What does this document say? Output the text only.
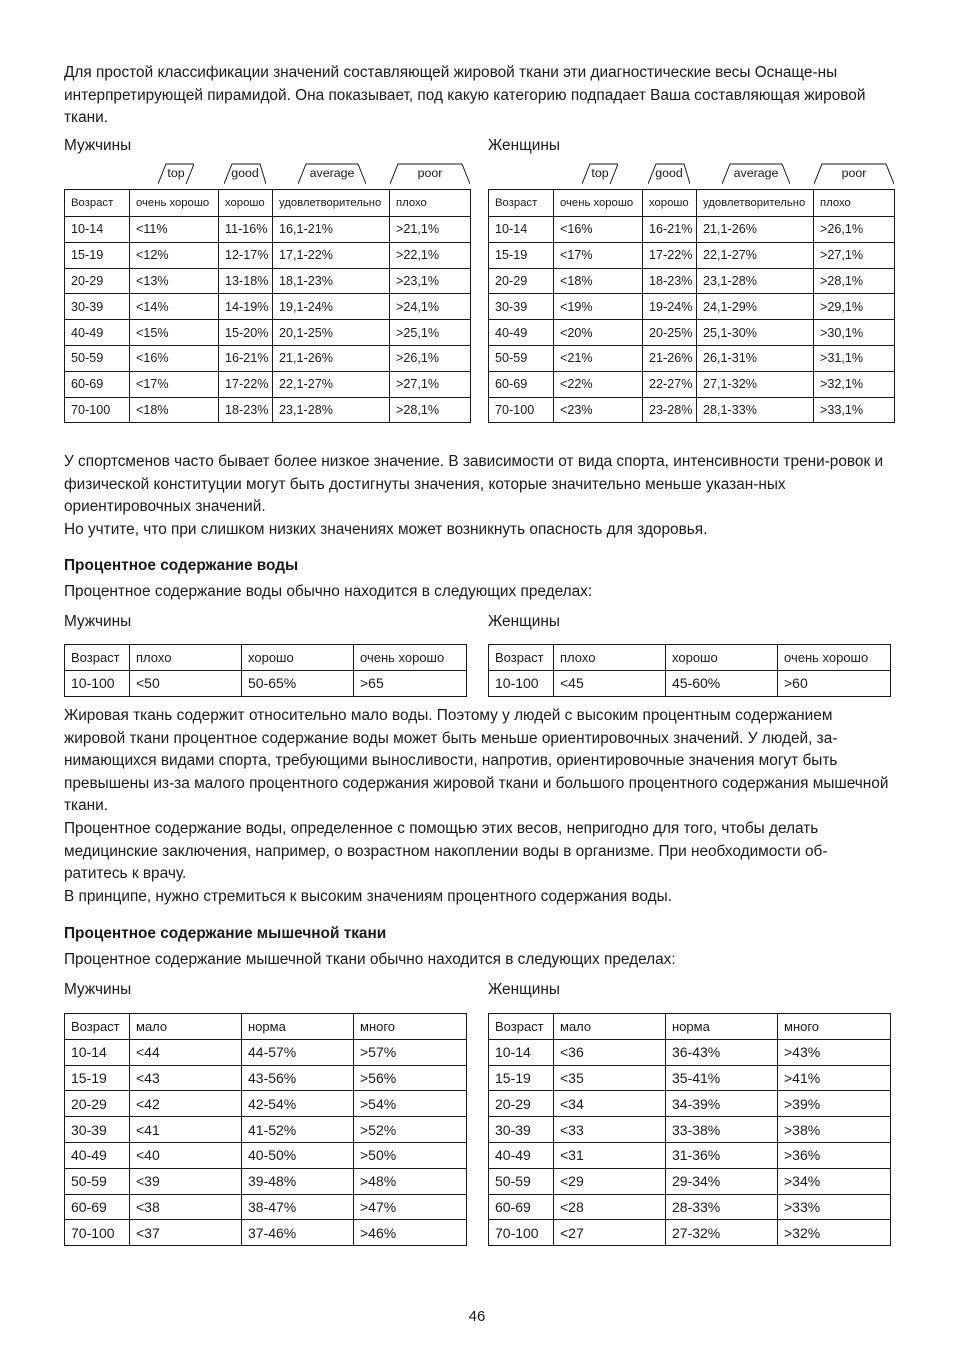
Для простой классификации значений составляющей жировой ткани эти диагностические весы Оснаще-ны интерпретирующей пирамидой. Она показывает, под какую категорию подпадает Ваша составляющая жировой ткани.

Мужчины	Женщины
top	good	average	poor	top	good	average	poor
Возраст	очень хорошо	хорошо	удовлетворительно	плохо
10-14	<11%	11-16%	16,1-21%	>21,1%
15-19	<12%	12-17%	17,1-22%	>22,1%
20-29	<13%	13-18%	18,1-23%	>23,1%
30-39	<14%	14-19%	19,1-24%	>24,1%
40-49	<15%	15-20%	20,1-25%	>25,1%
50-59	<16%	16-21%	21,1-26%	>26,1%
60-69	<17%	17-22%	22,1-27%	>27,1%
70-100	<18%	18-23%	23,1-28%	>28,1%
Возраст	очень хорошо	хорошо	удовлетворительно	плохо
10-14	<16%	16-21%	21,1-26%	>26,1%
15-19	<17%	17-22%	22,1-27%	>27,1%
20-29	<18%	18-23%	23,1-28%	>28,1%
30-39	<19%	19-24%	24,1-29%	>29,1%
40-49	<20%	20-25%	25,1-30%	>30,1%
50-59	<21%	21-26%	26,1-31%	>31,1%
60-69	<22%	22-27%	27,1-32%	>32,1%
70-100	<23%	23-28%	28,1-33%	>33,1%

У спортсменов часто бывает более низкое значение. В зависимости от вида спорта, интенсивности трени-ровок и физической конституции могут быть достигнуты значения, которые значительно меньше указан-ных ориентировочных значений.

Но учтите, что при слишком низких значениях может возникнуть опасность для здоровья.

Процентное содержание воды

Процентное содержание воды обычно находится в следующих пределах:

Мужчины	Женщины
Возраст	плохо	хорошо	очень хорошо
10-100	<50	50-65%	>65
Возраст	плохо	хорошо	очень хорошо
10-100	<45	45-60%	>60

Жировая ткань содержит относительно мало воды. Поэтому у людей с высоким процентным содержанием жировой ткани процентное содержание воды может быть меньше ориентировочных значений. У людей, за-нимающихся видами спорта, требующими выносливости, напротив, ориентировочные значения могут быть превышены из-за малого процентного содержания жировой ткани и большого процентного содержания мышечной ткани.

Процентное содержание воды, определенное с помощью этих весов, непригодно для того, чтобы делать медицинские заключения, например, о возрастном накоплении воды в организме. При необходимости об-ратитесь к врачу.

В принципе, нужно стремиться к высоким значениям процентного содержания воды.

Процентное содержание мышечной ткани

Процентное содержание мышечной ткани обычно находится в следующих пределах:

Мужчины	Женщины
Возраст	мало	норма	много
10-14	<44	44-57%	>57%
15-19	<43	43-56%	>56%
20-29	<42	42-54%	>54%
30-39	<41	41-52%	>52%
40-49	<40	40-50%	>50%
50-59	<39	39-48%	>48%
60-69	<38	38-47%	>47%
70-100	<37	37-46%	>46%
Возраст	мало	норма	много
10-14	<36	36-43%	>43%
15-19	<35	35-41%	>41%
20-29	<34	34-39%	>39%
30-39	<33	33-38%	>38%
40-49	<31	31-36%	>36%
50-59	<29	29-34%	>34%
60-69	<28	28-33%	>33%
70-100	<27	27-32%	>32%
46
